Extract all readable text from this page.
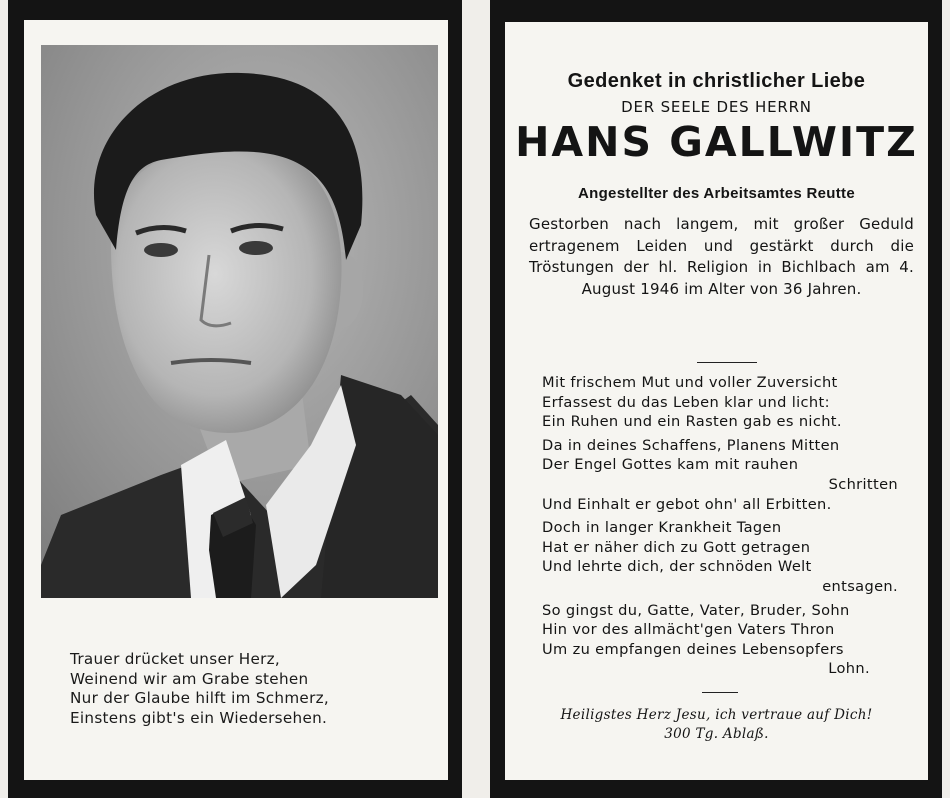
Trauer drücket unser Herz,
Weinend wir am Grabe stehen
Nur der Glaube hilft im Schmerz,
Einstens gibt's ein Wiedersehen.
Gedenket in christlicher Liebe
DER SEELE DES HERRN
HANS GALLWITZ
Angestellter des Arbeitsamtes Reutte
Gestorben nach langem, mit großer Geduld ertragenem Leiden und gestärkt durch die Tröstungen der hl. Religion in Bichlbach am 4. August 1946 im Alter von 36 Jahren.
Mit frischem Mut und voller Zuversicht
Erfassest du das Leben klar und licht:
Ein Ruhen und ein Rasten gab es nicht.
Da in deines Schaffens, Planens Mitten
Der Engel Gottes kam mit rauhen
Schritten
Und Einhalt er gebot ohn' all Erbitten.
Doch in langer Krankheit Tagen
Hat er näher dich zu Gott getragen
Und lehrte dich, der schnöden Welt
entsagen.
So gingst du, Gatte, Vater, Bruder, Sohn
Hin vor des allmächt'gen Vaters Thron
Um zu empfangen deines Lebensopfers
Lohn.
Heiligstes Herz Jesu, ich vertraue auf Dich!
300 Tg. Ablaß.
